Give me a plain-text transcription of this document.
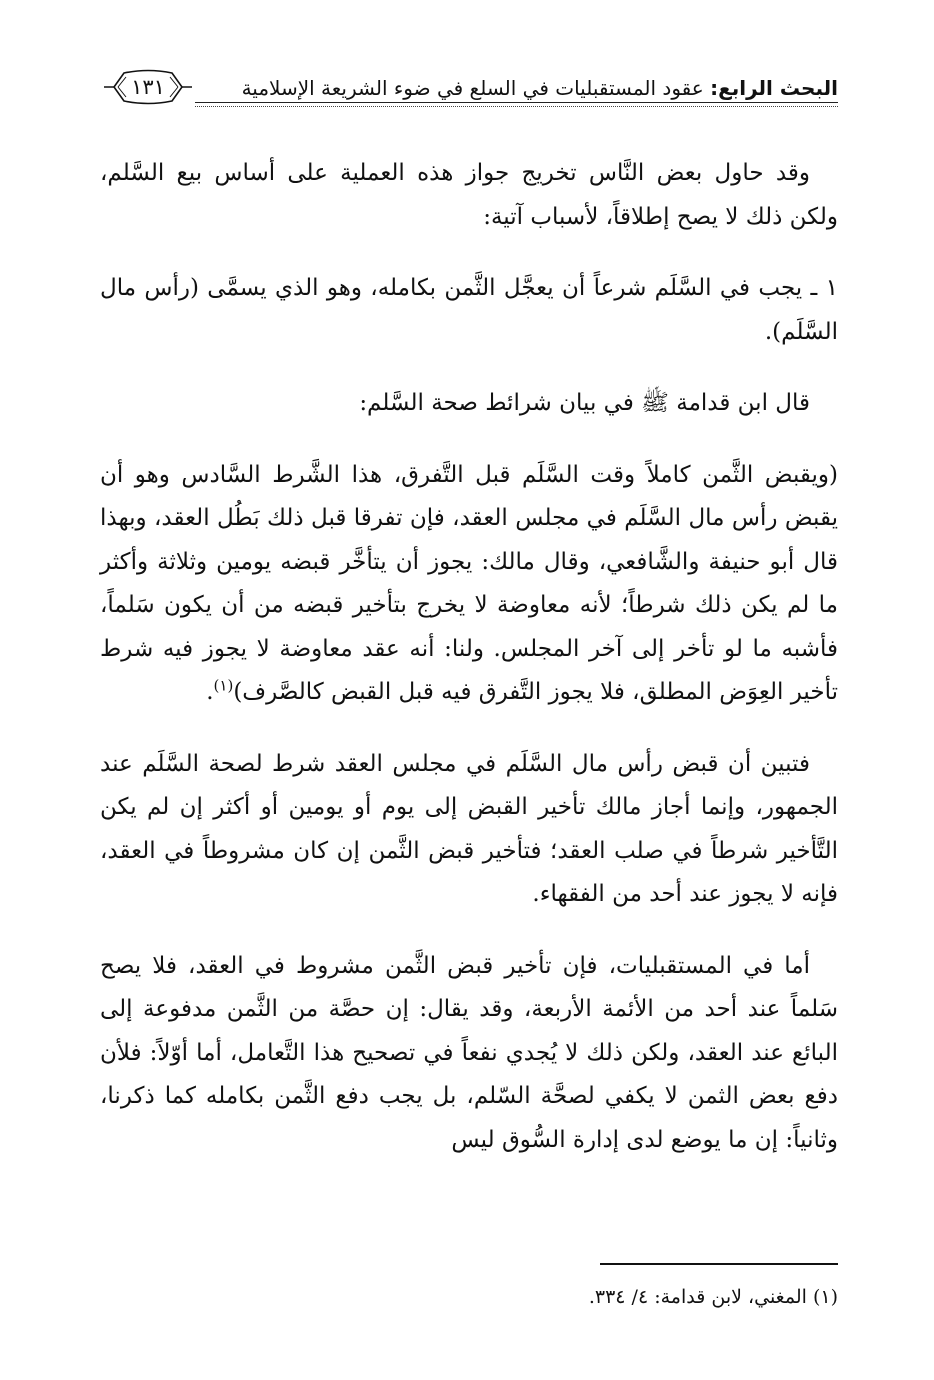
البحث الرابع: عقود المستقبليات في السلع في ضوء الشريعة الإسلامية
١٣١

وقد حاول بعض النَّاس تخريج جواز هذه العملية على أساس بيع السَّلم، ولكن ذلك لا يصح إطلاقاً، لأسباب آتية:

١ ـ يجب في السَّلَم شرعاً أن يعجَّل الثَّمن بكامله، وهو الذي يسمَّى (رأس مال السَّلَم).

قال ابن قدامة ﷺ في بيان شرائط صحة السَّلم:

(ويقبض الثَّمن كاملاً وقت السَّلَم قبل التَّفرق، هذا الشَّرط السَّادس وهو أن يقبض رأس مال السَّلَم في مجلس العقد، فإن تفرقا قبل ذلك بَطُل العقد، وبهذا قال أبو حنيفة والشَّافعي، وقال مالك: يجوز أن يتأخَّر قبضه يومين وثلاثة وأكثر ما لم يكن ذلك شرطاً؛ لأنه معاوضة لا يخرج بتأخير قبضه من أن يكون سَلماً، فأشبه ما لو تأخر إلى آخر المجلس. ولنا: أنه عقد معاوضة لا يجوز فيه شرط تأخير العِوَض المطلق، فلا يجوز التَّفرق فيه قبل القبض كالصَّرف)$^{(١)}$.

فتبين أن قبض رأس مال السَّلَم في مجلس العقد شرط لصحة السَّلَم عند الجمهور، وإنما أجاز مالك تأخير القبض إلى يوم أو يومين أو أكثر إن لم يكن التَّأخير شرطاً في صلب العقد؛ فتأخير قبض الثَّمن إن كان مشروطاً في العقد، فإنه لا يجوز عند أحد من الفقهاء.

أما في المستقبليات، فإن تأخير قبض الثَّمن مشروط في العقد، فلا يصح سَلماً عند أحد من الأئمة الأربعة، وقد يقال: إن حصَّة من الثَّمن مدفوعة إلى البائع عند العقد، ولكن ذلك لا يُجدي نفعاً في تصحيح هذا التَّعامل، أما أوّلاً: فلأن دفع بعض الثمن لا يكفي لصحَّة السّلم، بل يجب دفع الثَّمن بكامله كما ذكرنا، وثانياً: إن ما يوضع لدى إدارة السُّوق ليس

(١) المغني، لابن قدامة: ٤/ ٣٣٤.
